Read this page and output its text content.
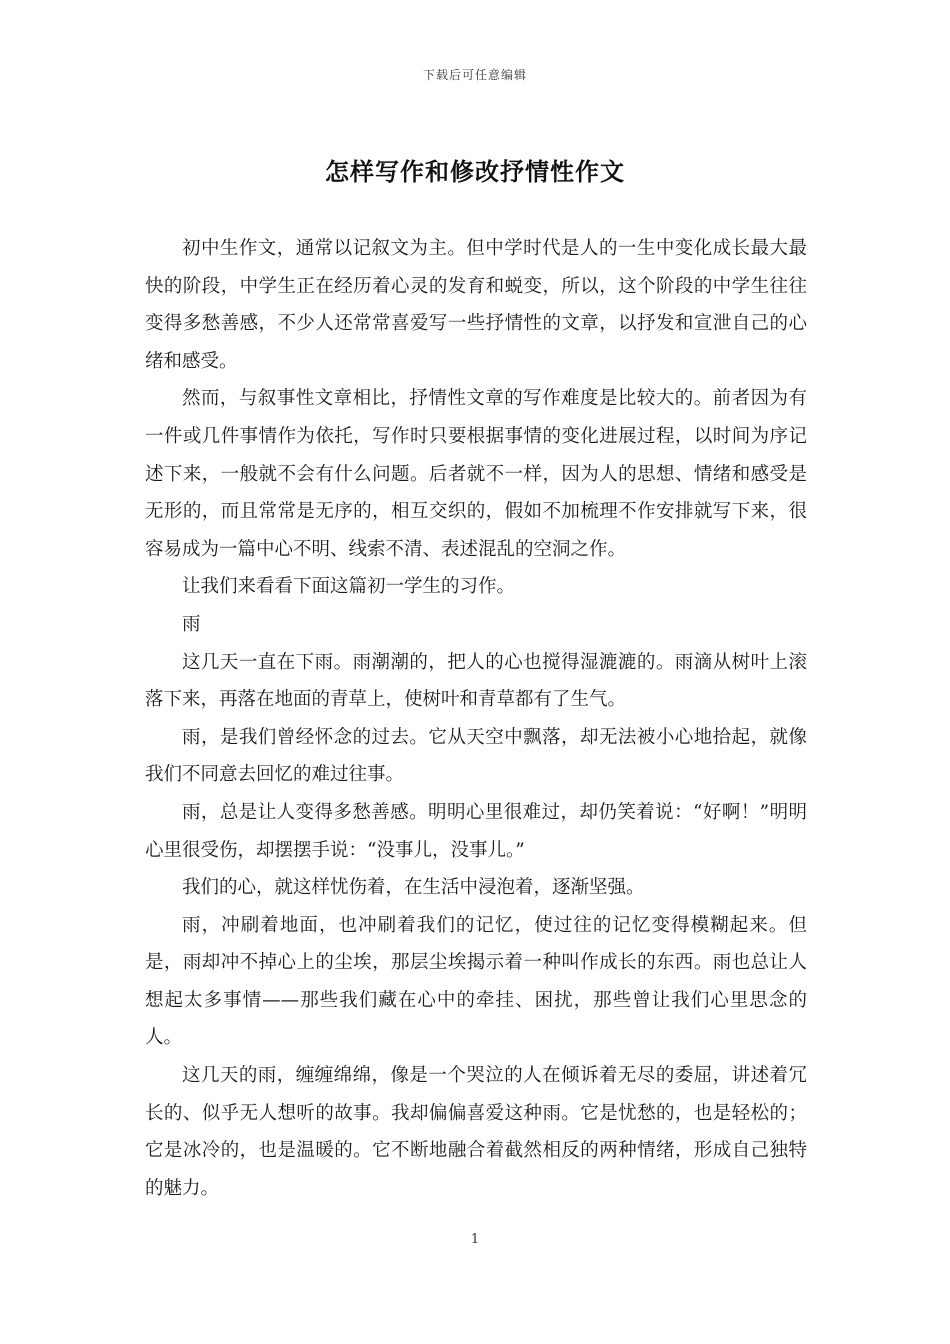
下载后可任意编辑
怎样写作和修改抒情性作文

初中生作文，通常以记叙文为主。但中学时代是人的一生中变化成长最大最快的阶段，中学生正在经历着心灵的发育和蜕变，所以，这个阶段的中学生往往变得多愁善感，不少人还常常喜爱写一些抒情性的文章，以抒发和宣泄自己的心绪和感受。

然而，与叙事性文章相比，抒情性文章的写作难度是比较大的。前者因为有一件或几件事情作为依托，写作时只要根据事情的变化进展过程，以时间为序记述下来，一般就不会有什么问题。后者就不一样，因为人的思想、情绪和感受是无形的，而且常常是无序的，相互交织的，假如不加梳理不作安排就写下来，很容易成为一篇中心不明、线索不清、表述混乱的空洞之作。

让我们来看看下面这篇初一学生的习作。

雨

这几天一直在下雨。雨潮潮的，把人的心也搅得湿漉漉的。雨滴从树叶上滚落下来，再落在地面的青草上，使树叶和青草都有了生气。

雨，是我们曾经怀念的过去。它从天空中飘落，却无法被小心地拾起，就像我们不同意去回忆的难过往事。

雨，总是让人变得多愁善感。明明心里很难过，却仍笑着说：“好啊！”明明心里很受伤，却摆摆手说：“没事儿，没事儿。”

我们的心，就这样忧伤着，在生活中浸泡着，逐渐坚强。

雨，冲刷着地面，也冲刷着我们的记忆，使过往的记忆变得模糊起来。但是，雨却冲不掉心上的尘埃，那层尘埃揭示着一种叫作成长的东西。雨也总让人想起太多事情——那些我们藏在心中的牵挂、困扰，那些曾让我们心里思念的人。

这几天的雨，缠缠绵绵，像是一个哭泣的人在倾诉着无尽的委屈，讲述着冗长的、似乎无人想听的故事。我却偏偏喜爱这种雨。它是忧愁的，也是轻松的；它是冰冷的，也是温暖的。它不断地融合着截然相反的两种情绪，形成自己独特的魅力。

1
